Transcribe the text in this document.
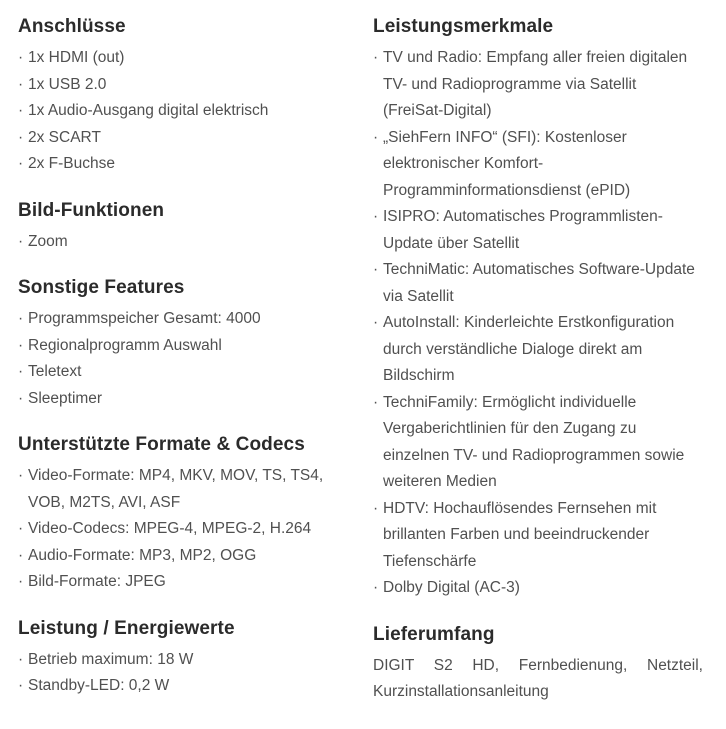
Anschlüsse
· 1x HDMI (out)
· 1x USB 2.0
· 1x Audio-Ausgang digital elektrisch
· 2x SCART
· 2x F-Buchse
Bild-Funktionen
· Zoom
Sonstige Features
· Programmspeicher Gesamt: 4000
· Regionalprogramm Auswahl
· Teletext
· Sleeptimer
Unterstützte Formate & Codecs
· Video-Formate: MP4, MKV, MOV, TS, TS4, VOB, M2TS, AVI, ASF
· Video-Codecs: MPEG-4, MPEG-2, H.264
· Audio-Formate: MP3, MP2, OGG
· Bild-Formate: JPEG
Leistung / Energiewerte
· Betrieb maximum: 18 W
· Standby-LED: 0,2 W
Leistungsmerkmale
· TV und Radio: Empfang aller freien digitalen TV- und Radioprogramme via Satellit (FreiSat-Digital)
· „SiehFern INFO“ (SFI): Kostenloser elektronischer Komfort-Programminformationsdienst (ePID)
· ISIPRO: Automatisches Programmlisten-Update über Satellit
· TechniMatic: Automatisches Software-Update via Satellit
· AutoInstall: Kinderleichte Erstkonfiguration durch verständliche Dialoge direkt am Bildschirm
· TechniFamily: Ermöglicht individuelle Vergaberichtlinien für den Zugang zu einzelnen TV- und Radioprogrammen sowie weiteren Medien
· HDTV: Hochauflösendes Fernsehen mit brillanten Farben und beeindruckender Tiefenschärfe
· Dolby Digital (AC-3)
Lieferumfang

DIGIT S2 HD, Fernbedienung, Netzteil, Kurzinstallationsanleitung
